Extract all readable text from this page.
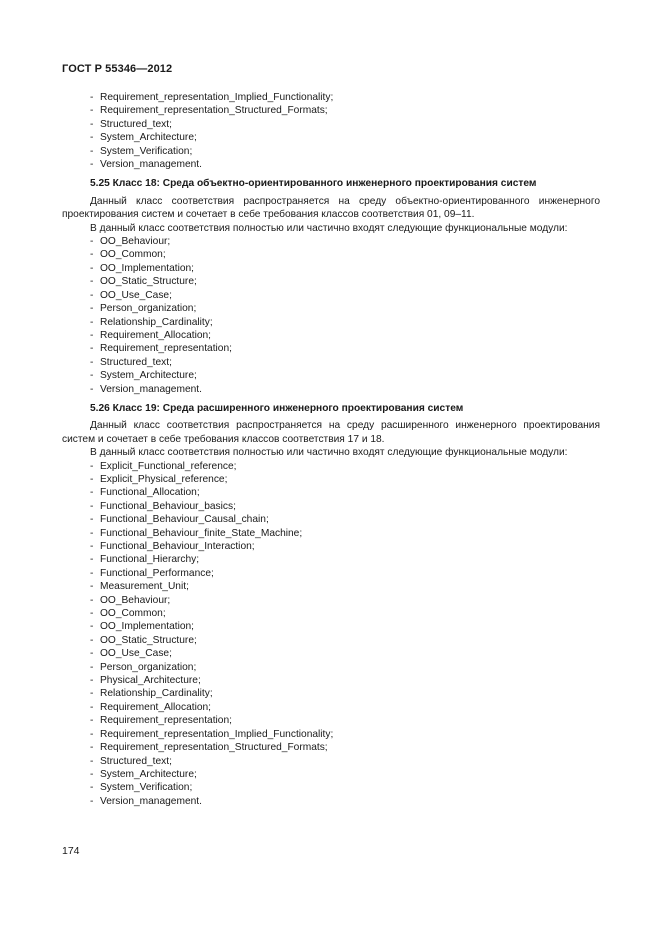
ГОСТ Р 55346—2012
- Requirement_representation_Implied_Functionality;
- Requirement_representation_Structured_Formats;
- Structured_text;
- System_Architecture;
- System_Verification;
- Version_management.
5.25 Класс 18: Среда объектно-ориентированного инженерного проектирования систем

Данный класс соответствия распространяется на среду объектно-ориентированного инженерного проектирования систем и сочетает в себе требования классов соответствия 01, 09–11.

В данный класс соответствия полностью или частично входят следующие функциональные модули:

- OO_Behaviour;
- OO_Common;
- OO_Implementation;
- OO_Static_Structure;
- OO_Use_Case;
- Person_organization;
- Relationship_Cardinality;
- Requirement_Allocation;
- Requirement_representation;
- Structured_text;
- System_Architecture;
- Version_management.
5.26 Класс 19: Среда расширенного инженерного проектирования систем

Данный класс соответствия распространяется на среду расширенного инженерного проектирования систем и сочетает в себе требования классов соответствия 17 и 18.

В данный класс соответствия полностью или частично входят следующие функциональные модули:

- Explicit_Functional_reference;
- Explicit_Physical_reference;
- Functional_Allocation;
- Functional_Behaviour_basics;
- Functional_Behaviour_Causal_chain;
- Functional_Behaviour_finite_State_Machine;
- Functional_Behaviour_Interaction;
- Functional_Hierarchy;
- Functional_Performance;
- Measurement_Unit;
- OO_Behaviour;
- OO_Common;
- OO_Implementation;
- OO_Static_Structure;
- OO_Use_Case;
- Person_organization;
- Physical_Architecture;
- Relationship_Cardinality;
- Requirement_Allocation;
- Requirement_representation;
- Requirement_representation_Implied_Functionality;
- Requirement_representation_Structured_Formats;
- Structured_text;
- System_Architecture;
- System_Verification;
- Version_management.
174
